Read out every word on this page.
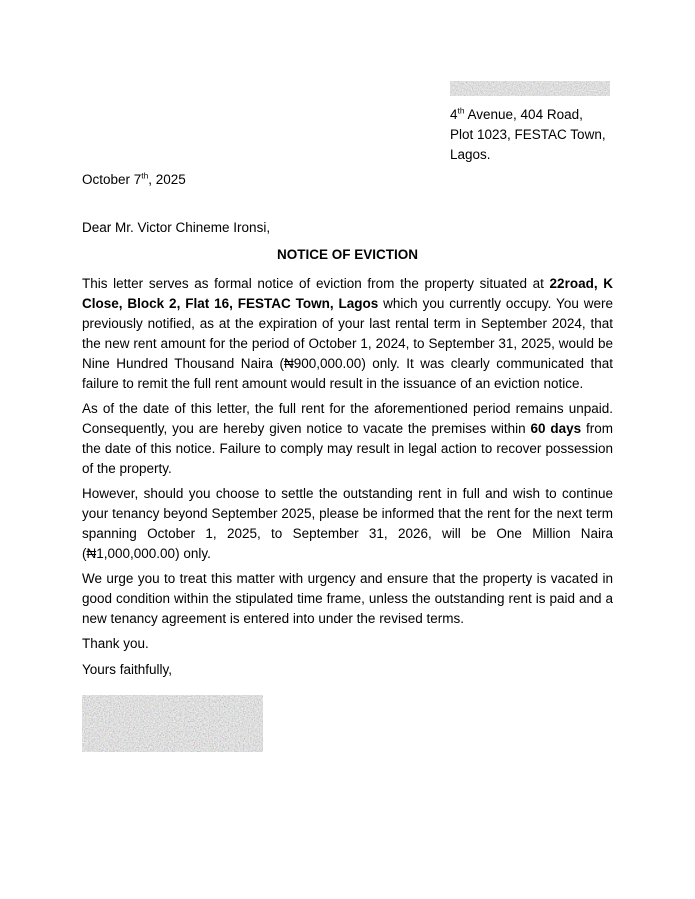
4th Avenue, 404 Road,
Plot 1023, FESTAC Town,
Lagos.
October 7th, 2025
Dear Mr. Victor Chineme Ironsi,
NOTICE OF EVICTION
This letter serves as formal notice of eviction from the property situated at 22road, K Close, Block 2, Flat 16, FESTAC Town, Lagos which you currently occupy. You were previously notified, as at the expiration of your last rental term in September 2024, that the new rent amount for the period of October 1, 2024, to September 31, 2025, would be Nine Hundred Thousand Naira (₦900,000.00) only. It was clearly communicated that failure to remit the full rent amount would result in the issuance of an eviction notice.
As of the date of this letter, the full rent for the aforementioned period remains unpaid. Consequently, you are hereby given notice to vacate the premises within 60 days from the date of this notice. Failure to comply may result in legal action to recover possession of the property.
However, should you choose to settle the outstanding rent in full and wish to continue your tenancy beyond September 2025, please be informed that the rent for the next term spanning October 1, 2025, to September 31, 2026, will be One Million Naira (₦1,000,000.00) only.
We urge you to treat this matter with urgency and ensure that the property is vacated in good condition within the stipulated time frame, unless the outstanding rent is paid and a new tenancy agreement is entered into under the revised terms.
Thank you.
Yours faithfully,
